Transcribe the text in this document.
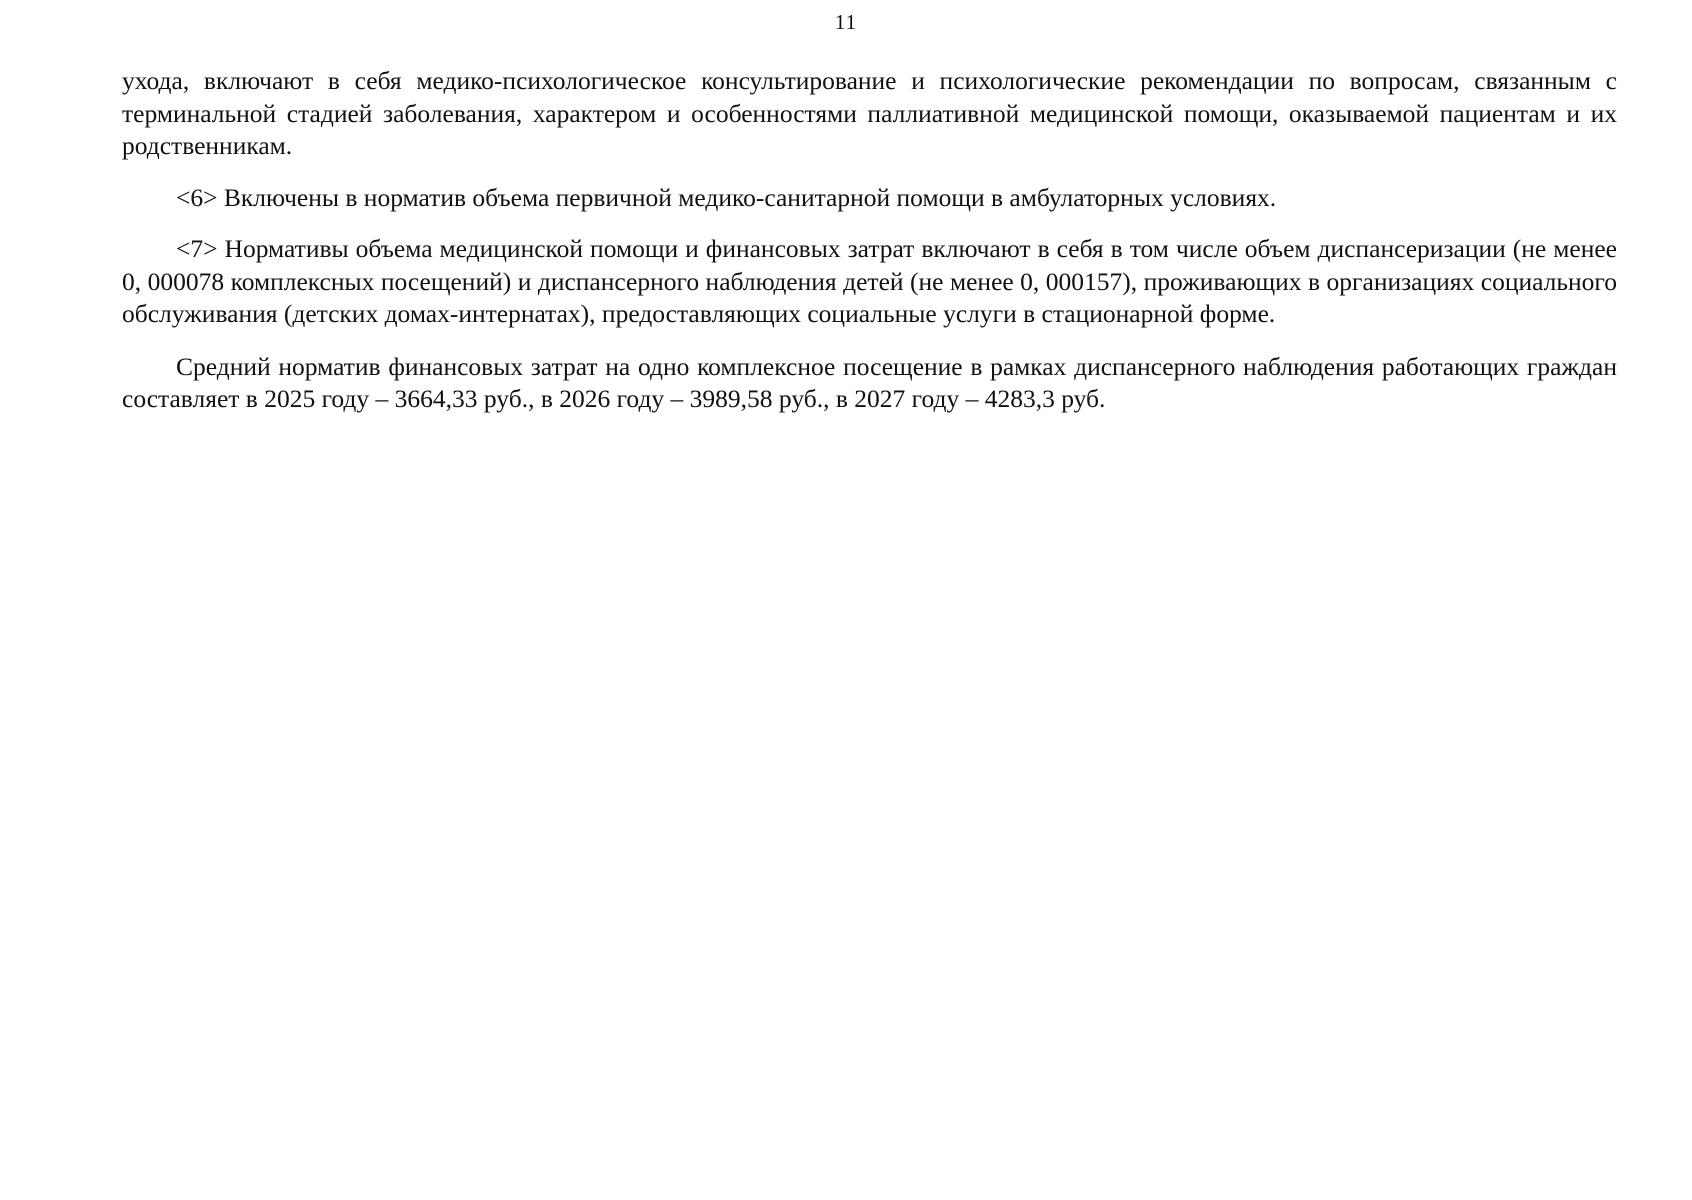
11

ухода, включают в себя медико-психологическое консультирование и психологические рекомендации по вопросам, связанным с терминальной стадией заболевания, характером и особенностями паллиативной медицинской помощи, оказываемой пациентам и их родственникам.

<6> Включены в норматив объема первичной медико-санитарной помощи в амбулаторных условиях.

<7> Нормативы объема медицинской помощи и финансовых затрат включают в себя в том числе объем диспансеризации (не менее 0, 000078 комплексных посещений) и диспансерного наблюдения детей (не менее 0, 000157), проживающих в организациях социального обслуживания (детских домах-интернатах), предоставляющих социальные услуги в стационарной форме.

Средний норматив финансовых затрат на одно комплексное посещение в рамках диспансерного наблюдения работающих граждан составляет в 2025 году – 3664,33 руб., в 2026 году – 3989,58 руб., в 2027 году – 4283,3 руб.
